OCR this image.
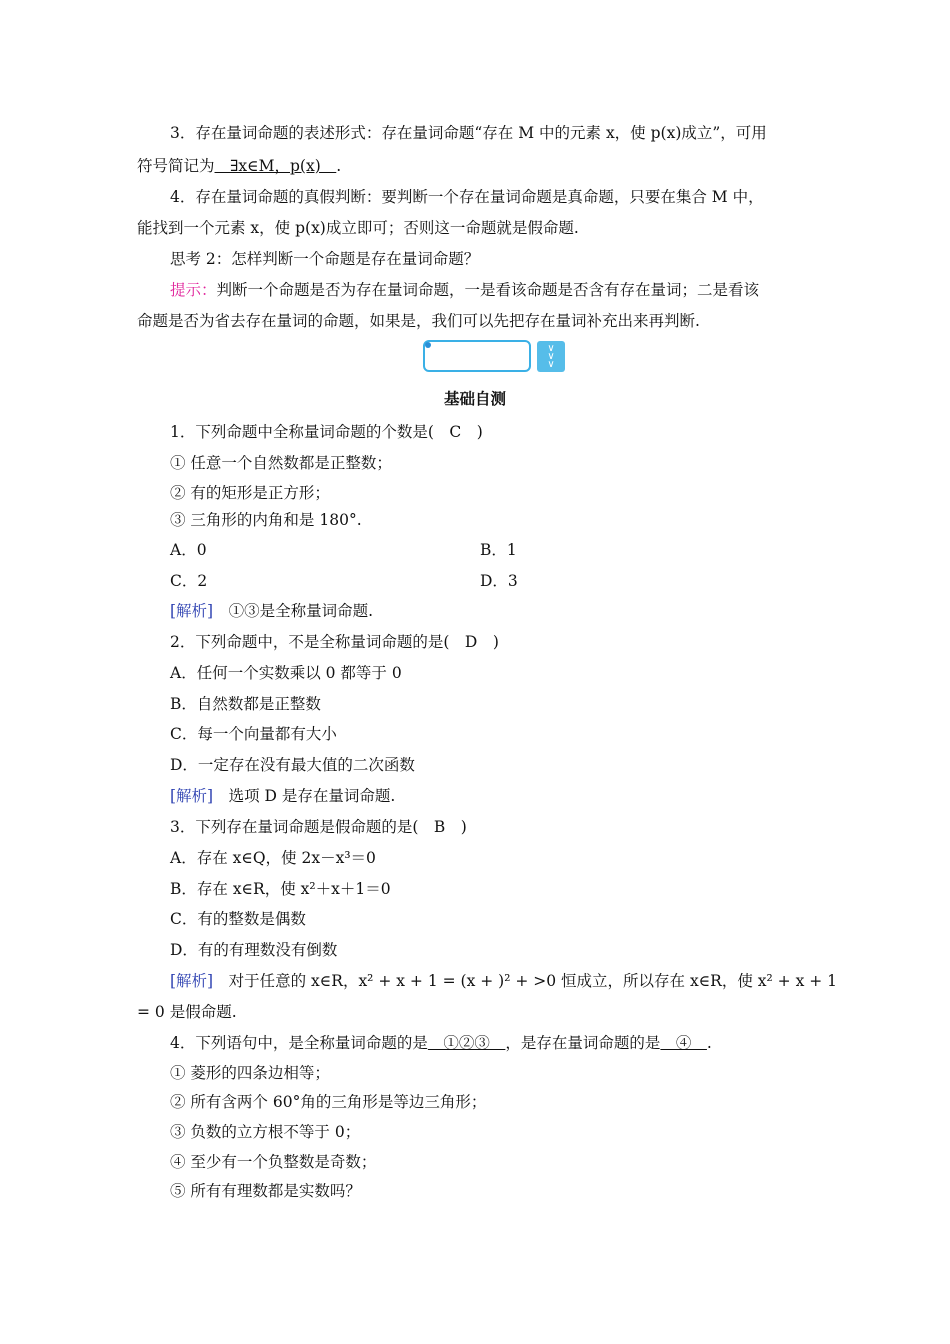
3．存在量词命题的表述形式：存在量词命题“存在 M 中的元素 x，使 p(x)成立”，可用
符号简记为　∃x∈M，p(x)　.
4．存在量词命题的真假判断：要判断一个存在量词命题是真命题，只要在集合 M 中，
能找到一个元素 x，使 p(x)成立即可；否则这一命题就是假命题.
思考 2：怎样判断一个命题是存在量词命题？
提示：判断一个命题是否为存在量词命题，一是看该命题是否含有存在量词；二是看该
命题是否为省去存在量词的命题，如果是，我们可以先把存在量词补充出来再判断.
∨
∨
∨
基础自测
1．下列命题中全称量词命题的个数是(　C　)
① 任意一个自然数都是正整数；
② 有的矩形是正方形；
③ 三角形的内角和是 180°.
A．0	B．1
C．2	D．3
[解析]　 ①③是全称量词命题.
2．下列命题中，不是全称量词命题的是(　D　)
A．任何一个实数乘以 0 都等于 0
B．自然数都是正整数
C．每一个向量都有大小
D．一定存在没有最大值的二次函数
[解析]　 选项 D 是存在量词命题.
3．下列存在量词命题是假命题的是(　B　)
A．存在 x∈Q，使 2x－x³＝0
B．存在 x∈R，使 x²＋x＋1＝0
C．有的整数是偶数
D．有的有理数没有倒数
[解析]　 对于任意的 x∈R，x² + x + 1 = (x + )² + >0 恒成立，所以存在 x∈R，使 x² + x + 1
= 0 是假命题.
4．下列语句中，是全称量词命题的是　①②③　，是存在量词命题的是　④　.
① 菱形的四条边相等；
② 所有含两个 60°角的三角形是等边三角形；
③ 负数的立方根不等于 0；
④ 至少有一个负整数是奇数；
⑤ 所有有理数都是实数吗？
